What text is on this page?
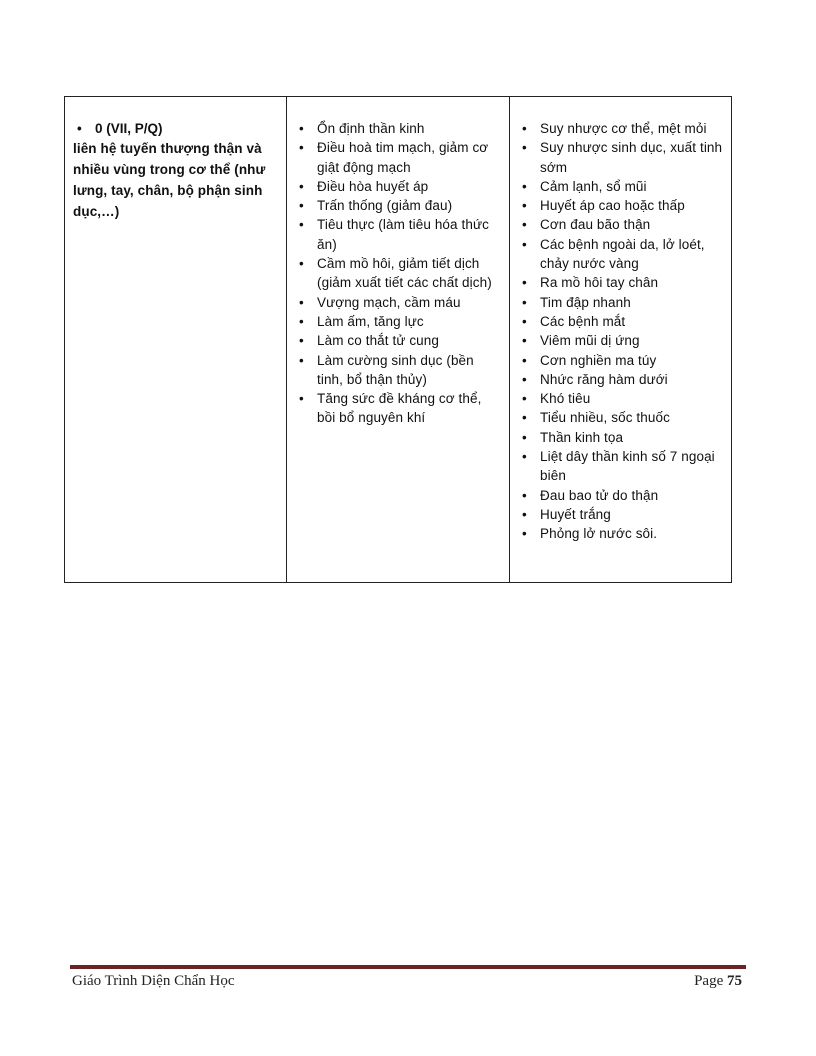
• 0 (VII, P/Q)
liên hệ tuyến thượng thận và nhiều vùng trong cơ thể (như lưng, tay, chân, bộ phận sinh dục,…)
• Ổn định thần kinh
• Điều hoà tim mạch, giảm cơ giật động mạch
• Điều hòa huyết áp
• Trấn thống (giảm đau)
• Tiêu thực (làm tiêu hóa thức ăn)
• Cầm mồ hôi, giảm tiết dịch (giảm xuất tiết các chất dịch)
• Vượng mạch, cầm máu
• Làm ấm, tăng lực
• Làm co thắt tử cung
• Làm cường sinh dục (bền tinh, bổ thận thủy)
• Tăng sức đề kháng cơ thể, bồi bổ nguyên khí
• Suy nhược cơ thể, mệt mỏi
• Suy nhược sinh dục, xuất tinh sớm
• Cảm lạnh, sổ mũi
• Huyết áp cao hoặc thấp
• Cơn đau bão thận
• Các bệnh ngoài da, lở loét, chảy nước vàng
• Ra mồ hôi tay chân
• Tim đập nhanh
• Các bệnh mắt
• Viêm mũi dị ứng
• Cơn nghiền ma túy
• Nhức răng hàm dưới
• Khó tiêu
• Tiểu nhiều, sốc thuốc
• Thần kinh tọa
• Liệt dây thần kinh số 7 ngoại biên
• Đau bao tử do thận
• Huyết trắng
• Phỏng lở nước sôi.
Giáo Trình Diện Chẩn Học	Page 75
